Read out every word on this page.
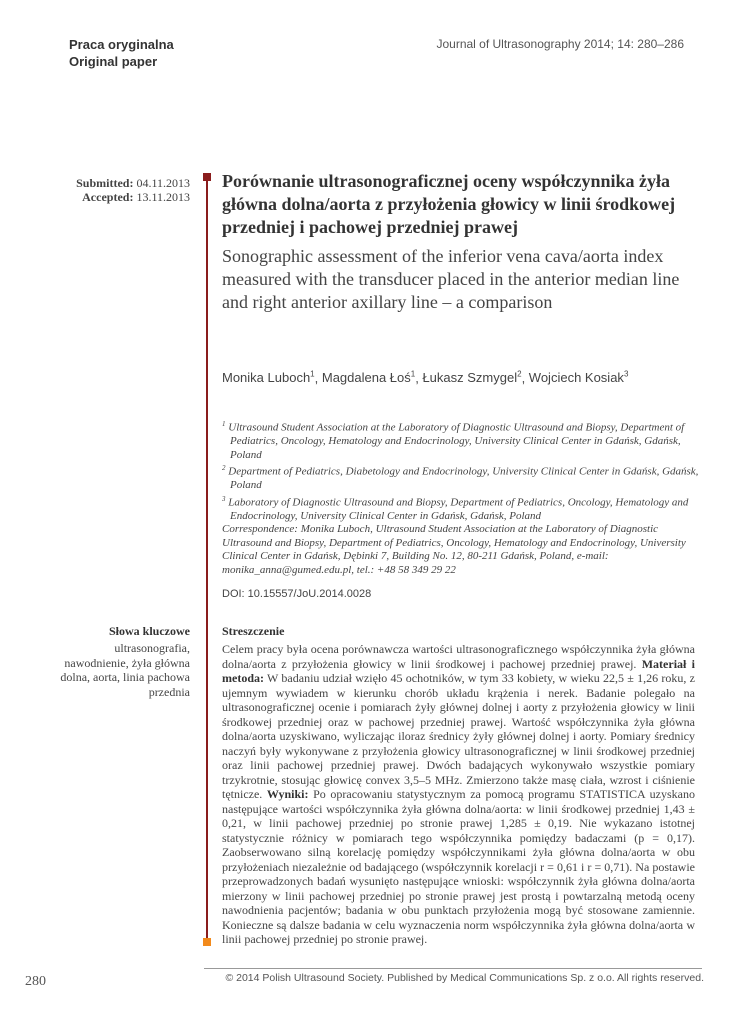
Praca oryginalna
Original paper
Journal of Ultrasonography 2014; 14: 280–286
Submitted: 04.11.2013
Accepted: 13.11.2013
Porównanie ultrasonograficznej oceny współczynnika żyła główna dolna/aorta z przyłożenia głowicy w linii środkowej przedniej i pachowej przedniej prawej
Sonographic assessment of the inferior vena cava/aorta index measured with the transducer placed in the anterior median line and right anterior axillary line – a comparison

Monika Luboch$^1$, Magdalena Łoś$^1$, Łukasz Szmygel$^2$, Wojciech Kosiak$^3$

$^1$ Ultrasound Student Association at the Laboratory of Diagnostic Ultrasound and Biopsy, Department of Pediatrics, Oncology, Hematology and Endocrinology, University Clinical Center in Gdańsk, Gdańsk, Poland

$^2$ Department of Pediatrics, Diabetology and Endocrinology, University Clinical Center in Gdańsk, Gdańsk, Poland

$^3$ Laboratory of Diagnostic Ultrasound and Biopsy, Department of Pediatrics, Oncology, Hematology and Endocrinology, University Clinical Center in Gdańsk, Gdańsk, Poland

Correspondence: Monika Luboch, Ultrasound Student Association at the Laboratory of Diagnostic Ultrasound and Biopsy, Department of Pediatrics, Oncology, Hematology and Endocrinology, University Clinical Center in Gdańsk, Dębinki 7, Building No. 12, 80-211 Gdańsk, Poland, e-mail: monika_anna@gumed.edu.pl, tel.: +48 58 349 29 22

DOI: 10.15557/JoU.2014.0028

Słowa kluczowe

ultrasonografia, nawodnienie, żyła główna dolna, aorta, linia pachowa przednia

Streszczenie

Celem pracy była ocena porównawcza wartości ultrasonograficznego współczynnika żyła główna dolna/aorta z przyłożenia głowicy w linii środkowej i pachowej przedniej prawej. Materiał i metoda: W badaniu udział wzięło 45 ochotników, w tym 33 kobiety, w wieku 22,5 ± 1,26 roku, z ujemnym wywiadem w kierunku chorób układu krążenia i nerek. Badanie polegało na ultrasonograficznej ocenie i pomiarach żyły głównej dolnej i aorty z przyłożenia głowicy w linii środkowej przedniej oraz w pachowej przedniej prawej. Wartość współczynnika żyła główna dolna/aorta uzyskiwano, wyliczając iloraz średnicy żyły głównej dolnej i aorty. Pomiary średnicy naczyń były wykonywane z przyłożenia głowicy ultrasonograficznej w linii środkowej przedniej oraz linii pachowej przedniej prawej. Dwóch badających wykonywało wszystkie pomiary trzykrotnie, stosując głowicę convex 3,5–5 MHz. Zmierzono także masę ciała, wzrost i ciśnienie tętnicze. Wyniki: Po opracowaniu statystycznym za pomocą programu STATISTICA uzyskano następujące wartości współczynnika żyła główna dolna/aorta: w linii środkowej przedniej 1,43 ± 0,21, w linii pachowej przedniej po stronie prawej 1,285 ± 0,19. Nie wykazano istotnej statystycznie różnicy w pomiarach tego współczynnika pomiędzy badaczami (p = 0,17). Zaobserwowano silną korelację pomiędzy współczynnikami żyła główna dolna/aorta w obu przyłożeniach niezależnie od badającego (współczynnik korelacji r = 0,61 i r = 0,71). Na postawie przeprowadzonych badań wysunięto następujące wnioski: współczynnik żyła główna dolna/aorta mierzony w linii pachowej przedniej po stronie prawej jest prostą i powtarzalną metodą oceny nawodnienia pacjentów; badania w obu punktach przyłożenia mogą być stosowane zamiennie. Konieczne są dalsze badania w celu wyznaczenia norm współczynnika żyła główna dolna/aorta w linii pachowej przedniej po stronie prawej.

280	© 2014 Polish Ultrasound Society. Published by Medical Communications Sp. z o.o. All rights reserved.
